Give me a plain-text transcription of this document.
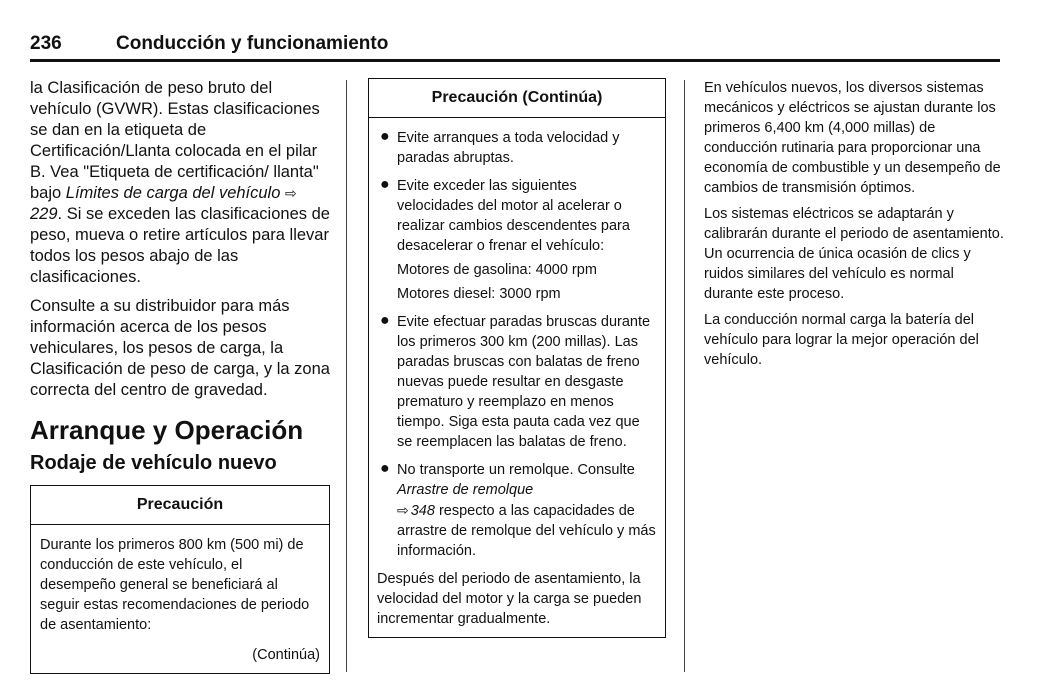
236	Conducción y funcionamiento

la Clasificación de peso bruto del vehículo (GVWR). Estas clasificaciones se dan en la etiqueta de Certificación/Llanta colocada en el pilar B. Vea "Etiqueta de certificación/ llanta" bajo Límites de carga del vehículo ⇨229. Si se exceden las clasificaciones de peso, mueva o retire artículos para llevar todos los pesos abajo de las clasificaciones.

Consulte a su distribuidor para más información acerca de los pesos vehiculares, los pesos de carga, la Clasificación de peso de carga, y la zona correcta del centro de gravedad.

Arranque y Operación
Rodaje de vehículo nuevo
Precaución
Durante los primeros 800 km (500 mi) de conducción de este vehículo, el desempeño general se beneficiará al seguir estas recomendaciones de periodo de asentamiento:
(Continúa)
Precaución (Continúa)
● Evite arranques a toda velocidad y paradas abruptas.
● Evite exceder las siguientes velocidades del motor al acelerar o realizar cambios descendentes para desacelerar o frenar el vehículo:
Motores de gasolina: 4000 rpm
Motores diesel: 3000 rpm
● Evite efectuar paradas bruscas durante los primeros 300 km (200 millas). Las paradas bruscas con balatas de freno nuevas puede resultar en desgaste prematuro y reemplazo en menos tiempo. Siga esta pauta cada vez que se reemplacen las balatas de freno.
● No transporte un remolque. Consulte Arrastre de remolque
⇨ 348 respecto a las capacidades de arrastre de remolque del vehículo y más información.
Después del periodo de asentamiento, la velocidad del motor y la carga se pueden incrementar gradualmente.

En vehículos nuevos, los diversos sistemas mecánicos y eléctricos se ajustan durante los primeros 6,400 km (4,000 millas) de conducción rutinaria para proporcionar una economía de combustible y un desempeño de cambios de transmisión óptimos.

Los sistemas eléctricos se adaptarán y calibrarán durante el periodo de asentamiento. Un ocurrencia de única ocasión de clics y ruidos similares del vehículo es normal durante este proceso.

La conducción normal carga la batería del vehículo para lograr la mejor operación del vehículo.
